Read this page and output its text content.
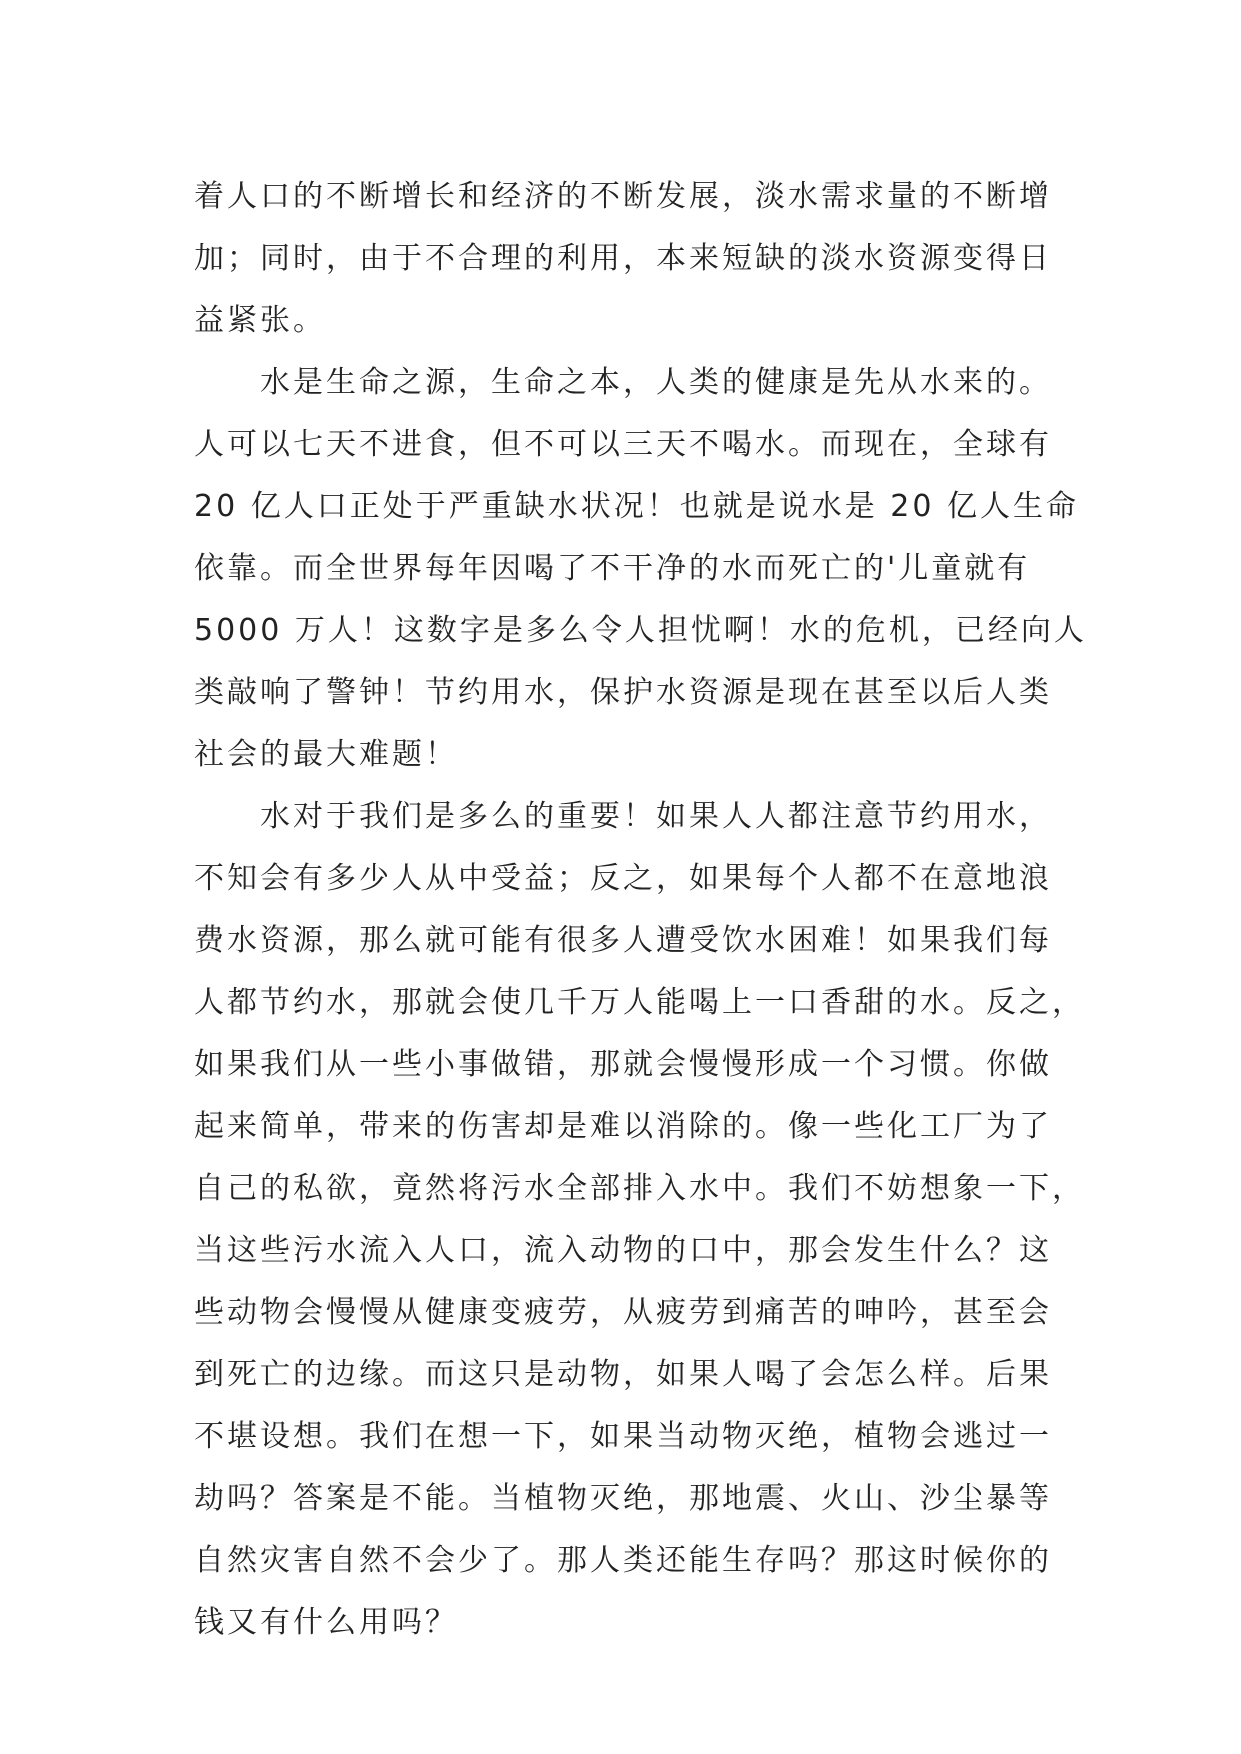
着人口的不断增长和经济的不断发展，淡水需求量的不断增
加；同时，由于不合理的利用，本来短缺的淡水资源变得日
益紧张。
水是生命之源，生命之本，人类的健康是先从水来的。
人可以七天不进食，但不可以三天不喝水。而现在，全球有
20 亿人口正处于严重缺水状况！也就是说水是 20 亿人生命
依靠。而全世界每年因喝了不干净的水而死亡的'儿童就有
5000 万人！这数字是多么令人担忧啊！水的危机，已经向人
类敲响了警钟！节约用水，保护水资源是现在甚至以后人类
社会的最大难题！
水对于我们是多么的重要！如果人人都注意节约用水，
不知会有多少人从中受益；反之，如果每个人都不在意地浪
费水资源，那么就可能有很多人遭受饮水困难！如果我们每
人都节约水，那就会使几千万人能喝上一口香甜的水。反之，
如果我们从一些小事做错，那就会慢慢形成一个习惯。你做
起来简单，带来的伤害却是难以消除的。像一些化工厂为了
自己的私欲，竟然将污水全部排入水中。我们不妨想象一下，
当这些污水流入人口，流入动物的口中，那会发生什么？这
些动物会慢慢从健康变疲劳，从疲劳到痛苦的呻吟，甚至会
到死亡的边缘。而这只是动物，如果人喝了会怎么样。后果
不堪设想。我们在想一下，如果当动物灭绝，植物会逃过一
劫吗？答案是不能。当植物灭绝，那地震、火山、沙尘暴等
自然灾害自然不会少了。那人类还能生存吗？那这时候你的
钱又有什么用吗？
